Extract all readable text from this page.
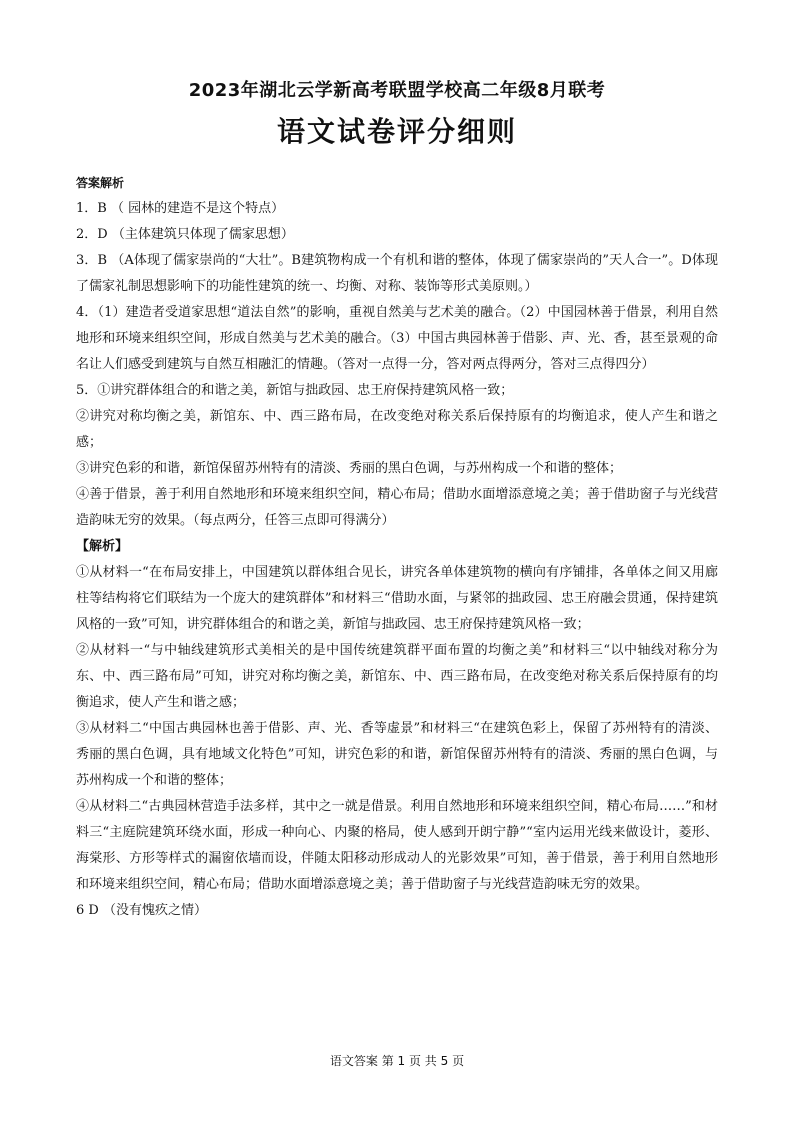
2023年湖北云学新高考联盟学校高二年级8月联考
语文试卷评分细则

答案解析

1．B （ 园林的建造不是这个特点）

2．D （主体建筑只体现了儒家思想）

3．B （A体现了儒家崇尚的“大壮”。B建筑物构成一个有机和谐的整体，体现了儒家崇尚的”天人合一”。D体现了儒家礼制思想影响下的功能性建筑的统一、均衡、对称、装饰等形式美原则。）

4．（1）建造者受道家思想“道法自然”的影响，重视自然美与艺术美的融合。（2）中国园林善于借景，利用自然地形和环境来组织空间，形成自然美与艺术美的融合。（3）中国古典园林善于借影、声、光、香，甚至景观的命名让人们感受到建筑与自然互相融汇的情趣。（答对一点得一分，答对两点得两分，答对三点得四分）

5．①讲究群体组合的和谐之美，新馆与拙政园、忠王府保持建筑风格一致；

②讲究对称均衡之美，新馆东、中、西三路布局，在改变绝对称关系后保持原有的均衡追求，使人产生和谐之感；

③讲究色彩的和谐，新馆保留苏州特有的清淡、秀丽的黑白色调，与苏州构成一个和谐的整体；

④善于借景，善于利用自然地形和环境来组织空间，精心布局；借助水面增添意境之美；善于借助窗子与光线营造韵味无穷的效果。（每点两分，任答三点即可得满分）

【解析】

①从材料一“在布局安排上，中国建筑以群体组合见长，讲究各单体建筑物的横向有序铺排，各单体之间又用廊柱等结构将它们联结为一个庞大的建筑群体”和材料三“借助水面，与紧邻的拙政园、忠王府融会贯通，保持建筑风格的一致”可知，讲究群体组合的和谐之美，新馆与拙政园、忠王府保持建筑风格一致；

②从材料一“与中轴线建筑形式美相关的是中国传统建筑群平面布置的均衡之美”和材料三“以中轴线对称分为东、中、西三路布局”可知，讲究对称均衡之美，新馆东、中、西三路布局，在改变绝对称关系后保持原有的均衡追求，使人产生和谐之感；

③从材料二“中国古典园林也善于借影、声、光、香等虚景”和材料三“在建筑色彩上，保留了苏州特有的清淡、秀丽的黑白色调，具有地域文化特色”可知，讲究色彩的和谐，新馆保留苏州特有的清淡、秀丽的黑白色调，与苏州构成一个和谐的整体；

④从材料二“古典园林营造手法多样，其中之一就是借景。利用自然地形和环境来组织空间，精心布局……”和材料三“主庭院建筑环绕水面，形成一种向心、内聚的格局，使人感到开朗宁静”“室内运用光线来做设计，菱形、海棠形、方形等样式的漏窗依墙而设，伴随太阳移动形成动人的光影效果”可知，善于借景，善于利用自然地形和环境来组织空间，精心布局；借助水面增添意境之美；善于借助窗子与光线营造韵味无穷的效果。

6 D （没有愧疚之情）

语文答案 第 1 页 共 5 页
